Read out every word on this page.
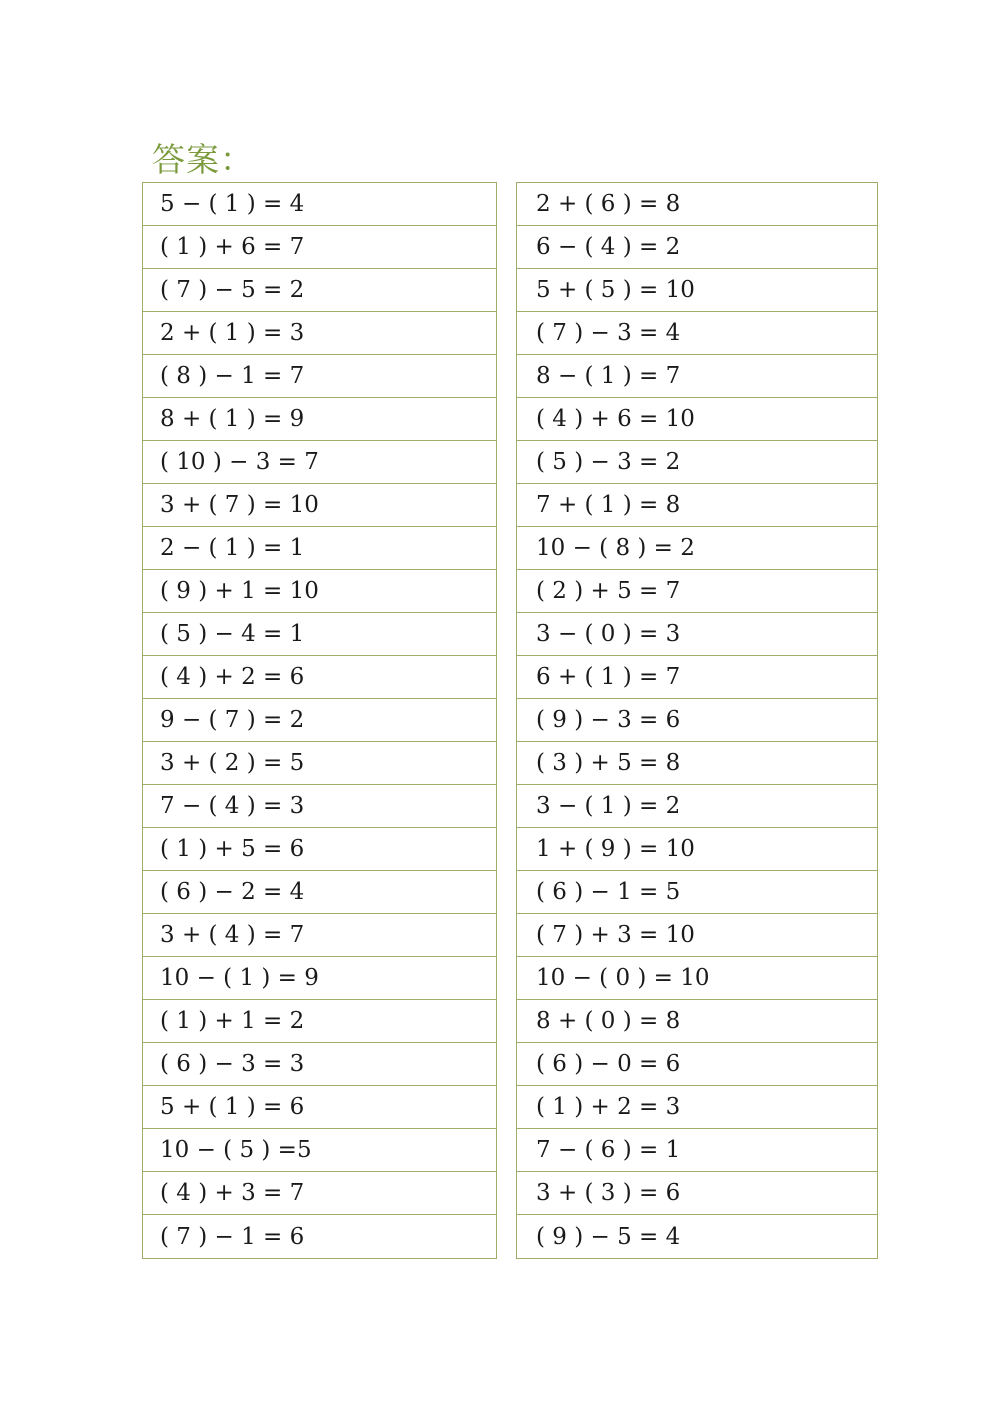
答案：
5 − ( 1 ) = 4
( 1 ) + 6 = 7
( 7 ) − 5 = 2
2 + ( 1 ) = 3
( 8 ) − 1 = 7
8 + ( 1 ) = 9
( 10 ) − 3 = 7
3 + ( 7 ) = 10
2 − ( 1 ) = 1
( 9 ) + 1 = 10
( 5 ) − 4 = 1
( 4 ) + 2 = 6
9 − ( 7 ) = 2
3 + ( 2 ) = 5
7 − ( 4 ) = 3
( 1 ) + 5 = 6
( 6 ) − 2 = 4
3 + ( 4 ) = 7
10 − ( 1 ) = 9
( 1 ) + 1 = 2
( 6 ) − 3 = 3
5 + ( 1 ) = 6
10 − ( 5 ) =5
( 4 ) + 3 = 7
( 7 ) − 1 = 6
2 + ( 6 ) = 8
6 − ( 4 ) = 2
5 + ( 5 ) = 10
( 7 ) − 3 = 4
8 − ( 1 ) = 7
( 4 ) + 6 = 10
( 5 ) − 3 = 2
7 + ( 1 ) = 8
10 − ( 8 ) = 2
( 2 ) + 5 = 7
3 − ( 0 ) = 3
6 + ( 1 ) = 7
( 9 ) − 3 = 6
( 3 ) + 5 = 8
3 − ( 1 ) = 2
1 + ( 9 ) = 10
( 6 ) − 1 = 5
( 7 ) + 3 = 10
10 − ( 0 ) = 10
8 + ( 0 ) = 8
( 6 ) − 0 = 6
( 1 ) + 2 = 3
7 − ( 6 ) = 1
3 + ( 3 ) = 6
( 9 ) − 5 = 4
